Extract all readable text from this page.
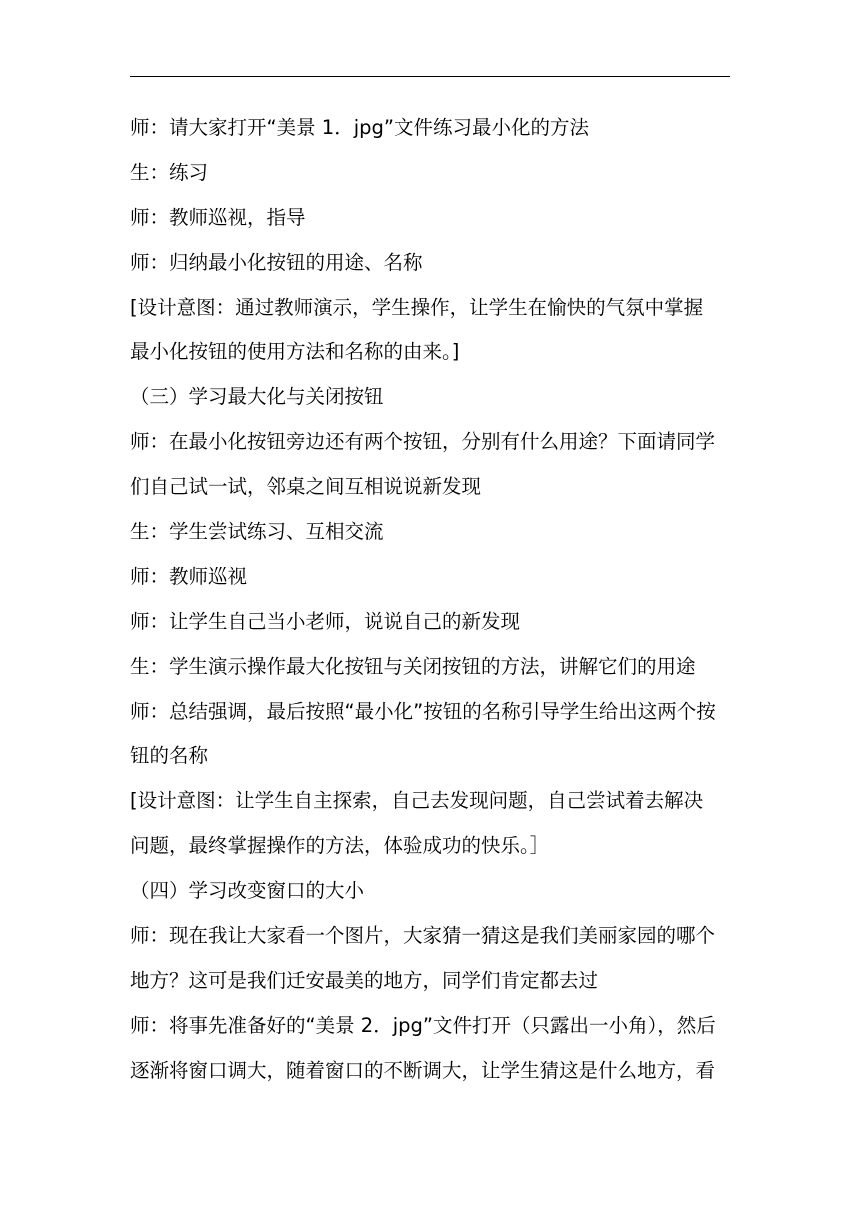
师：请大家打开“美景 1．jpg”文件练习最小化的方法
生：练习
师：教师巡视，指导
师：归纳最小化按钮的用途、名称
[设计意图：通过教师演示，学生操作，让学生在愉快的气氛中掌握
最小化按钮的使用方法和名称的由来。]
（三）学习最大化与关闭按钮
师：在最小化按钮旁边还有两个按钮，分别有什么用途？下面请同学
们自己试一试，邻桌之间互相说说新发现
生：学生尝试练习、互相交流
师：教师巡视
师：让学生自己当小老师，说说自己的新发现
生：学生演示操作最大化按钮与关闭按钮的方法，讲解它们的用途
师：总结强调，最后按照“最小化”按钮的名称引导学生给出这两个按
钮的名称
[设计意图：让学生自主探索，自己去发现问题，自己尝试着去解决
问题，最终掌握操作的方法，体验成功的快乐。］
（四）学习改变窗口的大小
师：现在我让大家看一个图片，大家猜一猜这是我们美丽家园的哪个
地方？这可是我们迁安最美的地方，同学们肯定都去过
师：将事先准备好的“美景 2．jpg”文件打开（只露出一小角），然后
逐渐将窗口调大，随着窗口的不断调大，让学生猜这是什么地方，看
